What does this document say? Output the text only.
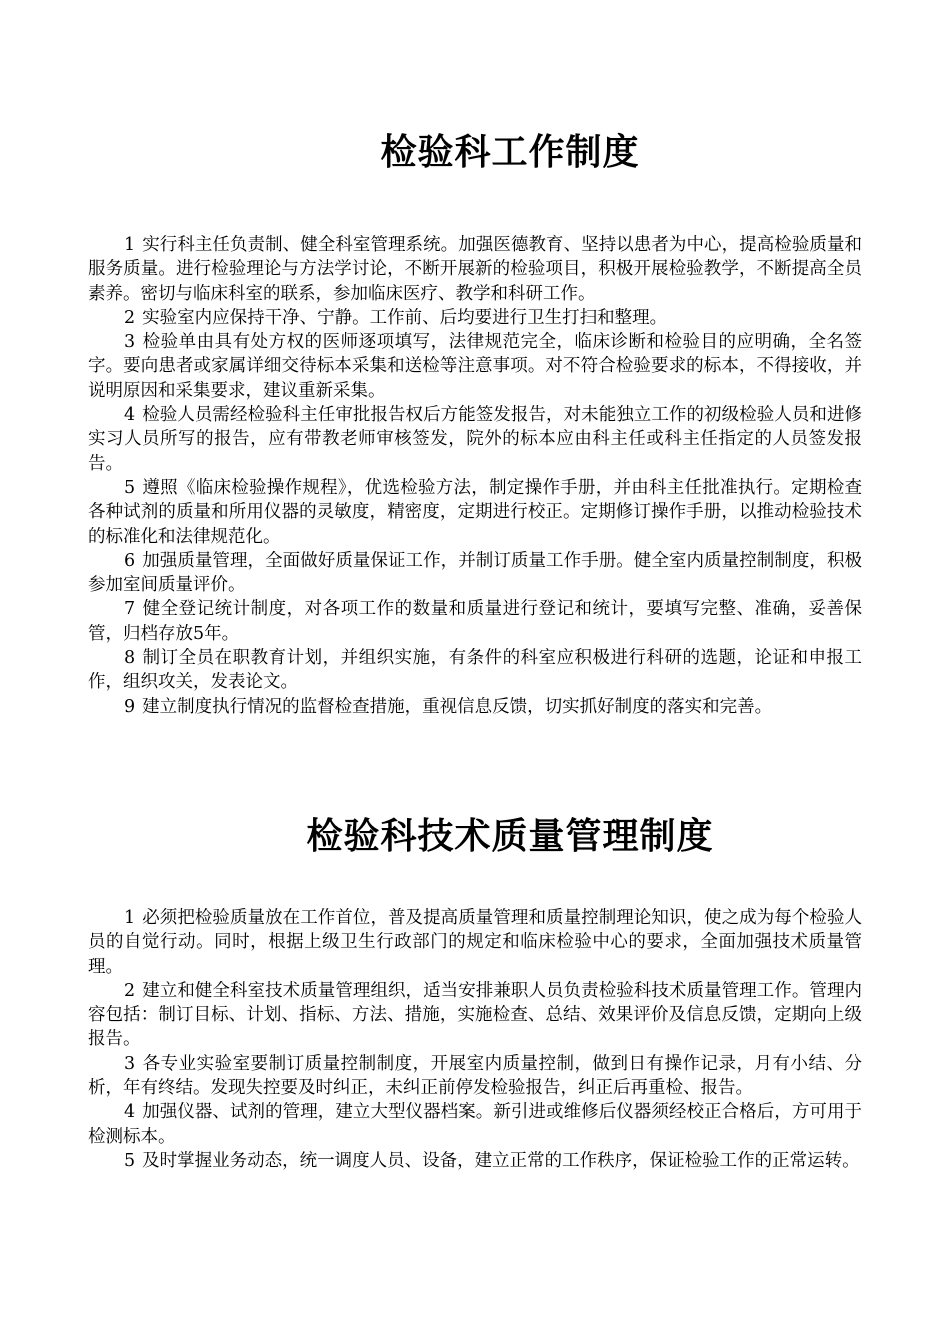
检验科工作制度

1 实行科主任负责制、健全科室管理系统。加强医德教育、坚持以患者为中心，提高检验质量和服务质量。进行检验理论与方法学讨论，不断开展新的检验项目，积极开展检验教学，不断提高全员素养。密切与临床科室的联系，参加临床医疗、教学和科研工作。

2 实验室内应保持干净、宁静。工作前、后均要进行卫生打扫和整理。

3 检验单由具有处方权的医师逐项填写，法律规范完全，临床诊断和检验目的应明确，全名签字。要向患者或家属详细交待标本采集和送检等注意事项。对不符合检验要求的标本，不得接收，并说明原因和采集要求，建议重新采集。

4 检验人员需经检验科主任审批报告权后方能签发报告，对未能独立工作的初级检验人员和进修实习人员所写的报告，应有带教老师审核签发，院外的标本应由科主任或科主任指定的人员签发报告。

5 遵照《临床检验操作规程》，优选检验方法，制定操作手册，并由科主任批准执行。定期检查各种试剂的质量和所用仪器的灵敏度，精密度，定期进行校正。定期修订操作手册，以推动检验技术的标准化和法律规范化。

6 加强质量管理，全面做好质量保证工作，并制订质量工作手册。健全室内质量控制制度，积极参加室间质量评价。

7 健全登记统计制度，对各项工作的数量和质量进行登记和统计，要填写完整、准确，妥善保管，归档存放5年。

8 制订全员在职教育计划，并组织实施，有条件的科室应积极进行科研的选题，论证和申报工作，组织攻关，发表论文。

9 建立制度执行情况的监督检查措施，重视信息反馈，切实抓好制度的落实和完善。

检验科技术质量管理制度

1 必须把检验质量放在工作首位，普及提高质量管理和质量控制理论知识，使之成为每个检验人员的自觉行动。同时，根据上级卫生行政部门的规定和临床检验中心的要求，全面加强技术质量管理。

2 建立和健全科室技术质量管理组织，适当安排兼职人员负责检验科技术质量管理工作。管理内容包括：制订目标、计划、指标、方法、措施，实施检查、总结、效果评价及信息反馈，定期向上级报告。

3 各专业实验室要制订质量控制制度，开展室内质量控制，做到日有操作记录，月有小结、分析，年有终结。发现失控要及时纠正，未纠正前停发检验报告，纠正后再重检、报告。

4 加强仪器、试剂的管理，建立大型仪器档案。新引进或维修后仪器须经校正合格后，方可用于检测标本。

5 及时掌握业务动态，统一调度人员、设备，建立正常的工作秩序，保证检验工作的正常运转。
